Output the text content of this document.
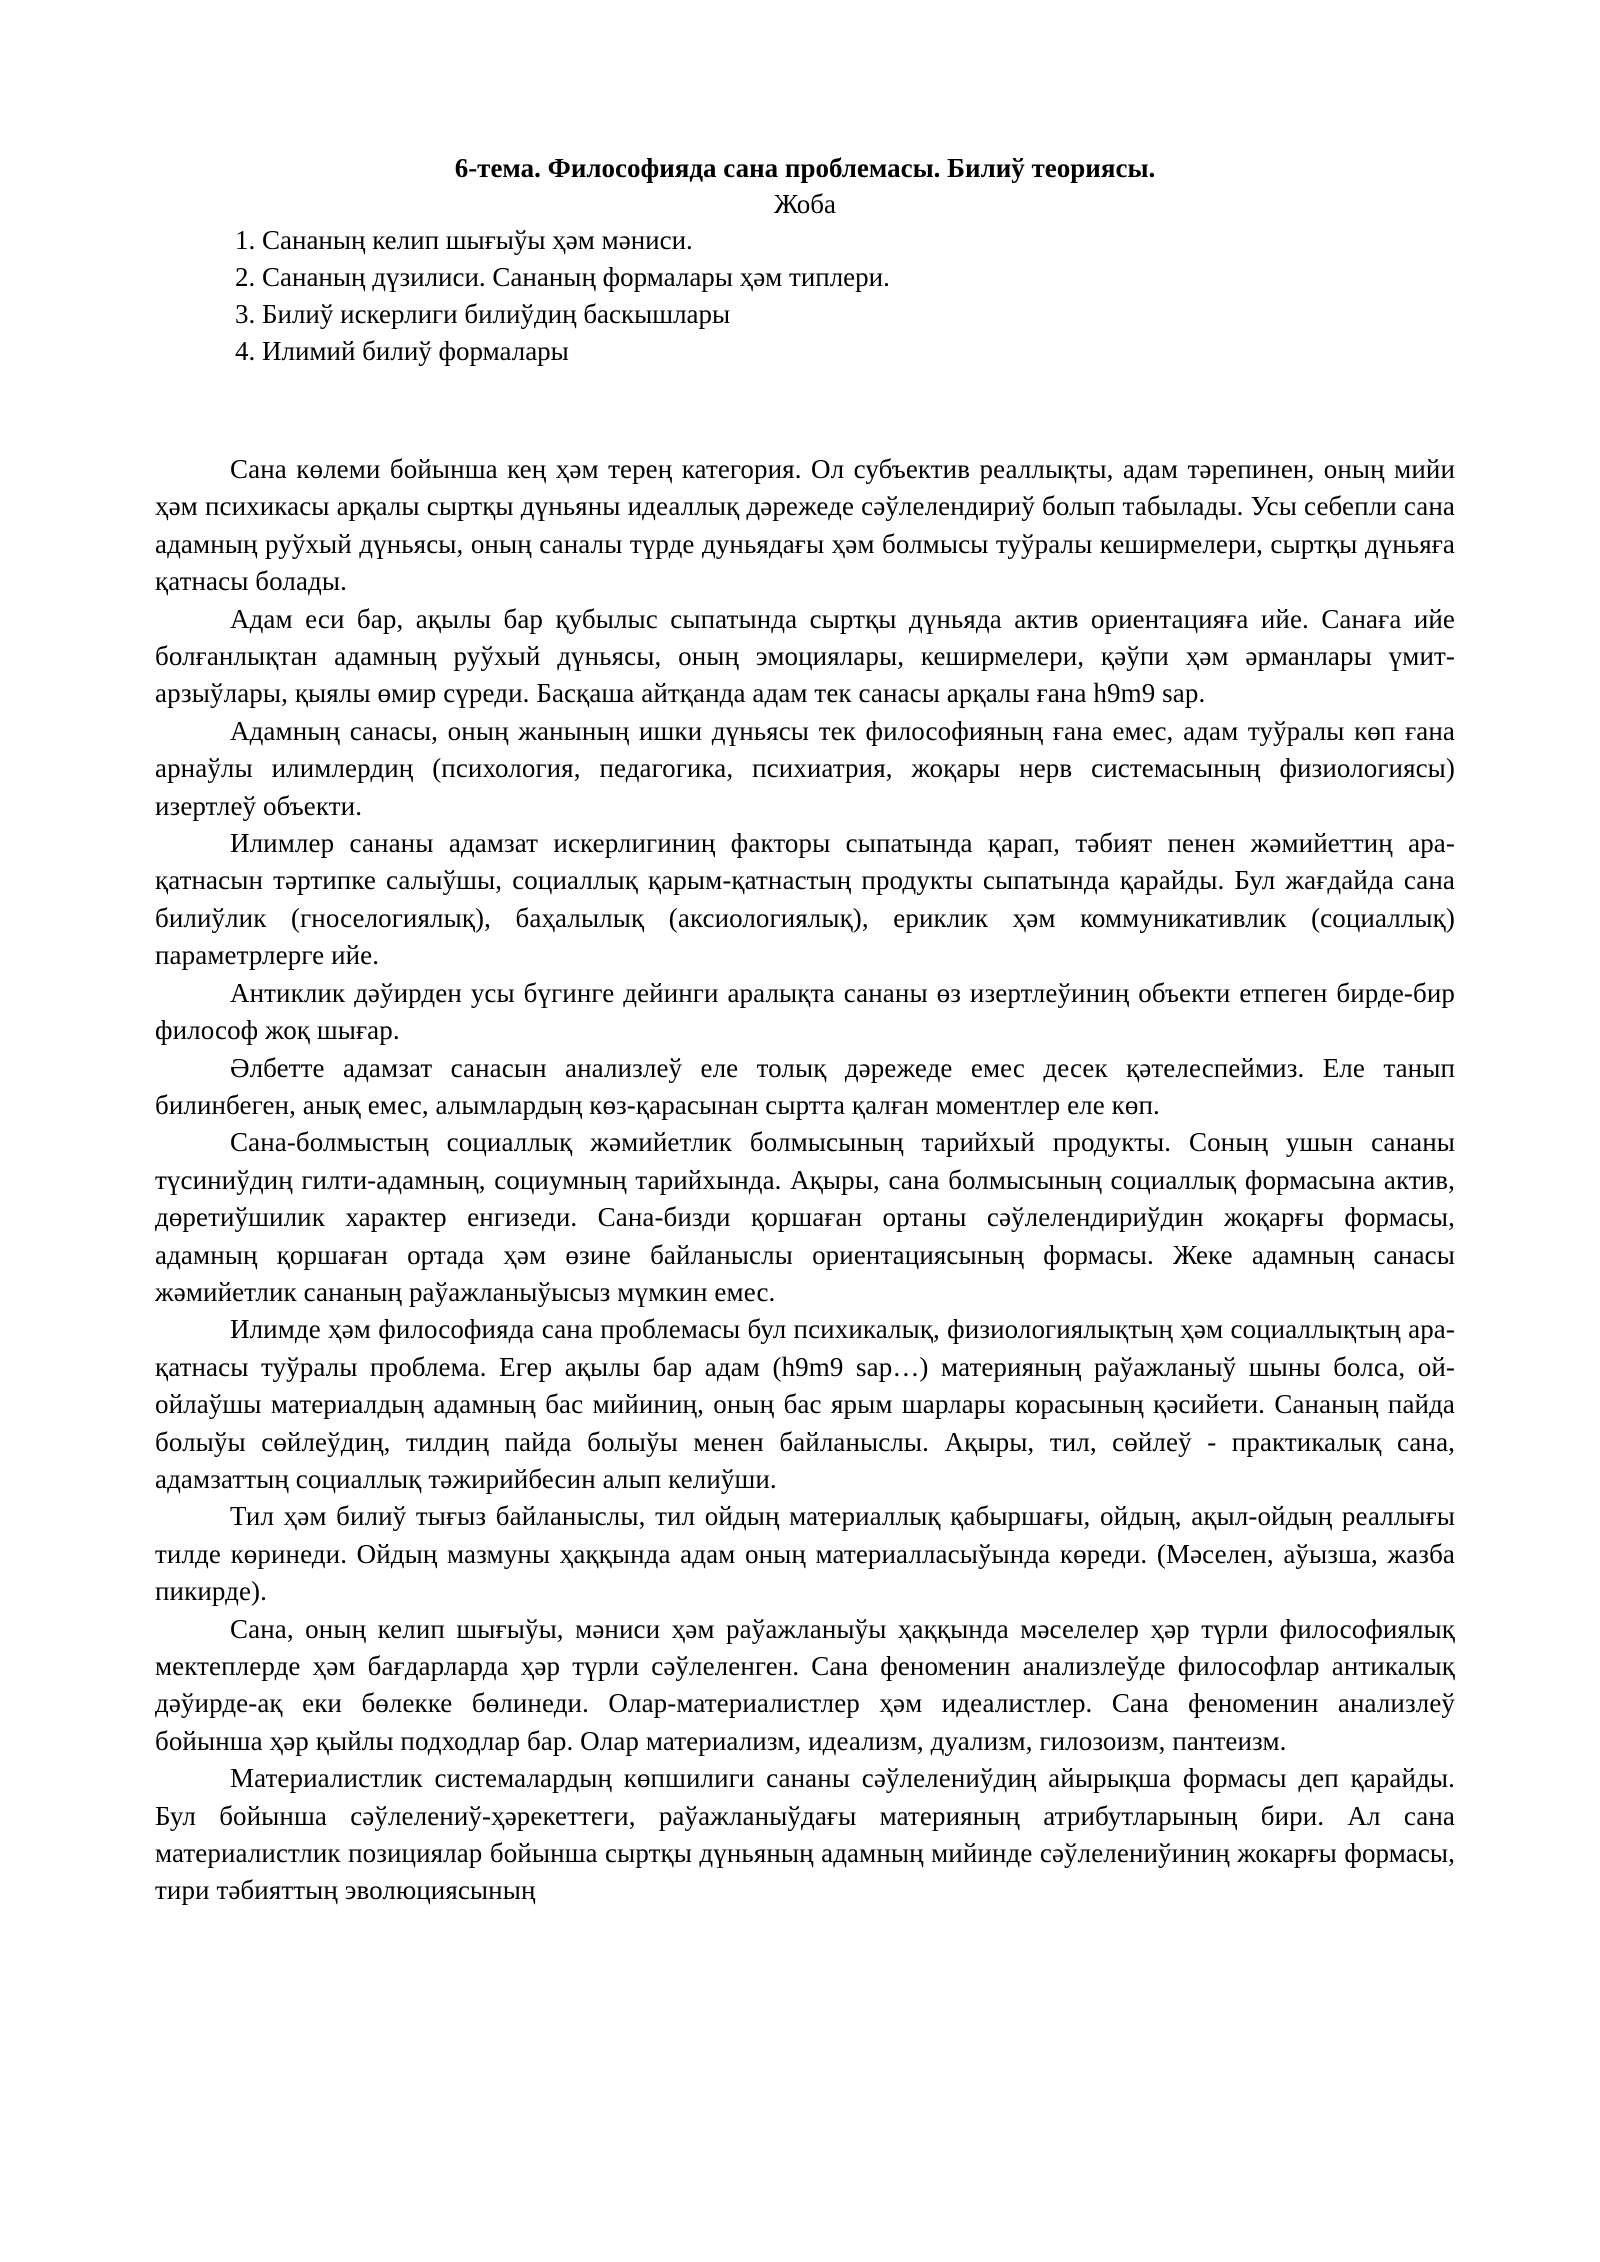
6-тема. Философияда сана проблемасы. Билиў теориясы.

Жоба

1. Сананың келип шығыўы ҳәм мәниси.
2. Сананың дүзилиси. Сананың формалары ҳәм типлери.
3. Билиў искерлиги билиўдиң баскышлары
4. Илимий билиў формалары

Сана көлеми бойынша кең ҳәм терең категория. Ол субъектив реаллықты, адам тәрепинен, оның мийи ҳәм психикасы арқалы сыртқы дүньяны идеаллық дәрежеде сәўлелендириў болып табылады. Усы себепли сана адамның руўхый дүньясы, оның саналы түрде дуньядағы ҳәм болмысы туўралы кеширмелери, сыртқы дүньяға қатнасы болады.

Адам еси бар, ақылы бар қубылыс сыпатында сыртқы дүньяда актив ориентацияға ийе. Санаға ийе болғанлықтан адамның руўхый дүньясы, оның эмоциялары, кеширмелери, қәўпи ҳәм әрманлары үмит-арзыўлары, қыялы өмир сүреди. Басқаша айтқанда адам тек санасы арқалы ғана h9m9 sap.

Адамның санасы, оның жанының ишки дүньясы тек философияның ғана емес, адам туўралы көп ғана арнаўлы илимлердиң (психология, педагогика, психиатрия, жоқары нерв системасының физиологиясы) изертлеў объекти.

Илимлер сананы адамзат искерлигиниң факторы сыпатында қарап, тәбият пенен жәмийеттиң ара-қатнасын тәртипке салыўшы, социаллық қарым-қатнастың продукты сыпатында қарайды. Бул жағдайда сана билиўлик (гноселогиялық), баҳалылық (аксиологиялық), ериклик ҳәм коммуникативлик (социаллық) параметрлерге ийе.

Антиклик дәўирден усы бүгинге дейинги аралықта сананы өз изертлеўиниң объекти етпеген бирде-бир философ жоқ шығар.

Әлбетте адамзат санасын анализлеў еле толық дәрежеде емес десек қәтелеспеймиз. Еле танып билинбеген, анық емес, алымлардың көз-қарасынан сыртта қалған моментлер еле көп.

Сана-болмыстың социаллық жәмийетлик болмысының тарийхый продукты. Соның ушын сананы түсиниўдиң гилти-адамның, социумның тарийхында. Ақыры, сана болмысының социаллық формасына актив, дөретиўшилик характер енгизеди. Сана-бизди қоршаған ортаны сәўлелендириўдин жоқарғы формасы, адамның қоршаған ортада ҳәм өзине байланыслы ориентациясының формасы. Жеке адамның санасы жәмийетлик сананың раўажланыўысыз мүмкин емес.

Илимде ҳәм философияда сана проблемасы бул психикалық, физиологиялықтың ҳәм социаллықтың ара-қатнасы туўралы проблема. Егер ақылы бар адам (h9m9 sap…) материяның раўажланыў шыны болса, ой-ойлаўшы материалдың адамның бас мийиниң, оның бас ярым шарлары корасының қәсийети. Сананың пайда болыўы сөйлеўдиң, тилдиң пайда болыўы менен байланыслы. Ақыры, тил, сөйлеў - практикалық сана, адамзаттың социаллық тәжирийбесин алып келиўши.

Тил ҳәм билиў тығыз байланыслы, тил ойдың материаллық қабыршағы, ойдың, ақыл-ойдың реаллығы тилде көринеди. Ойдың мазмуны ҳаққында адам оның материалласыўында көреди. (Мәселен, аўызша, жазба пикирде).

Сана, оның келип шығыўы, мәниси ҳәм раўажланыўы ҳаққында мәселелер ҳәр түрли философиялық мектеплерде ҳәм бағдарларда ҳәр түрли сәўлеленген. Сана феноменин анализлеўде философлар антикалық дәўирде-ақ еки бөлекке бөлинеди. Олар-материалистлер ҳәм идеалистлер. Сана феноменин анализлеў бойынша ҳәр қыйлы подходлар бар. Олар материализм, идеализм, дуализм, гилозоизм, пантеизм.

Материалистлик системалардың көпшилиги сананы сәўлелениўдиң айырықша формасы деп қарайды. Бул бойынша сәўлелениў-ҳәрекеттеги, раўажланыўдағы материяның атрибутларының бири. Ал сана материалистлик позициялар бойынша сыртқы дүньяның адамның мийинде сәўлелениўиниң жокарғы формасы, тири тәбияттың эволюциясының
